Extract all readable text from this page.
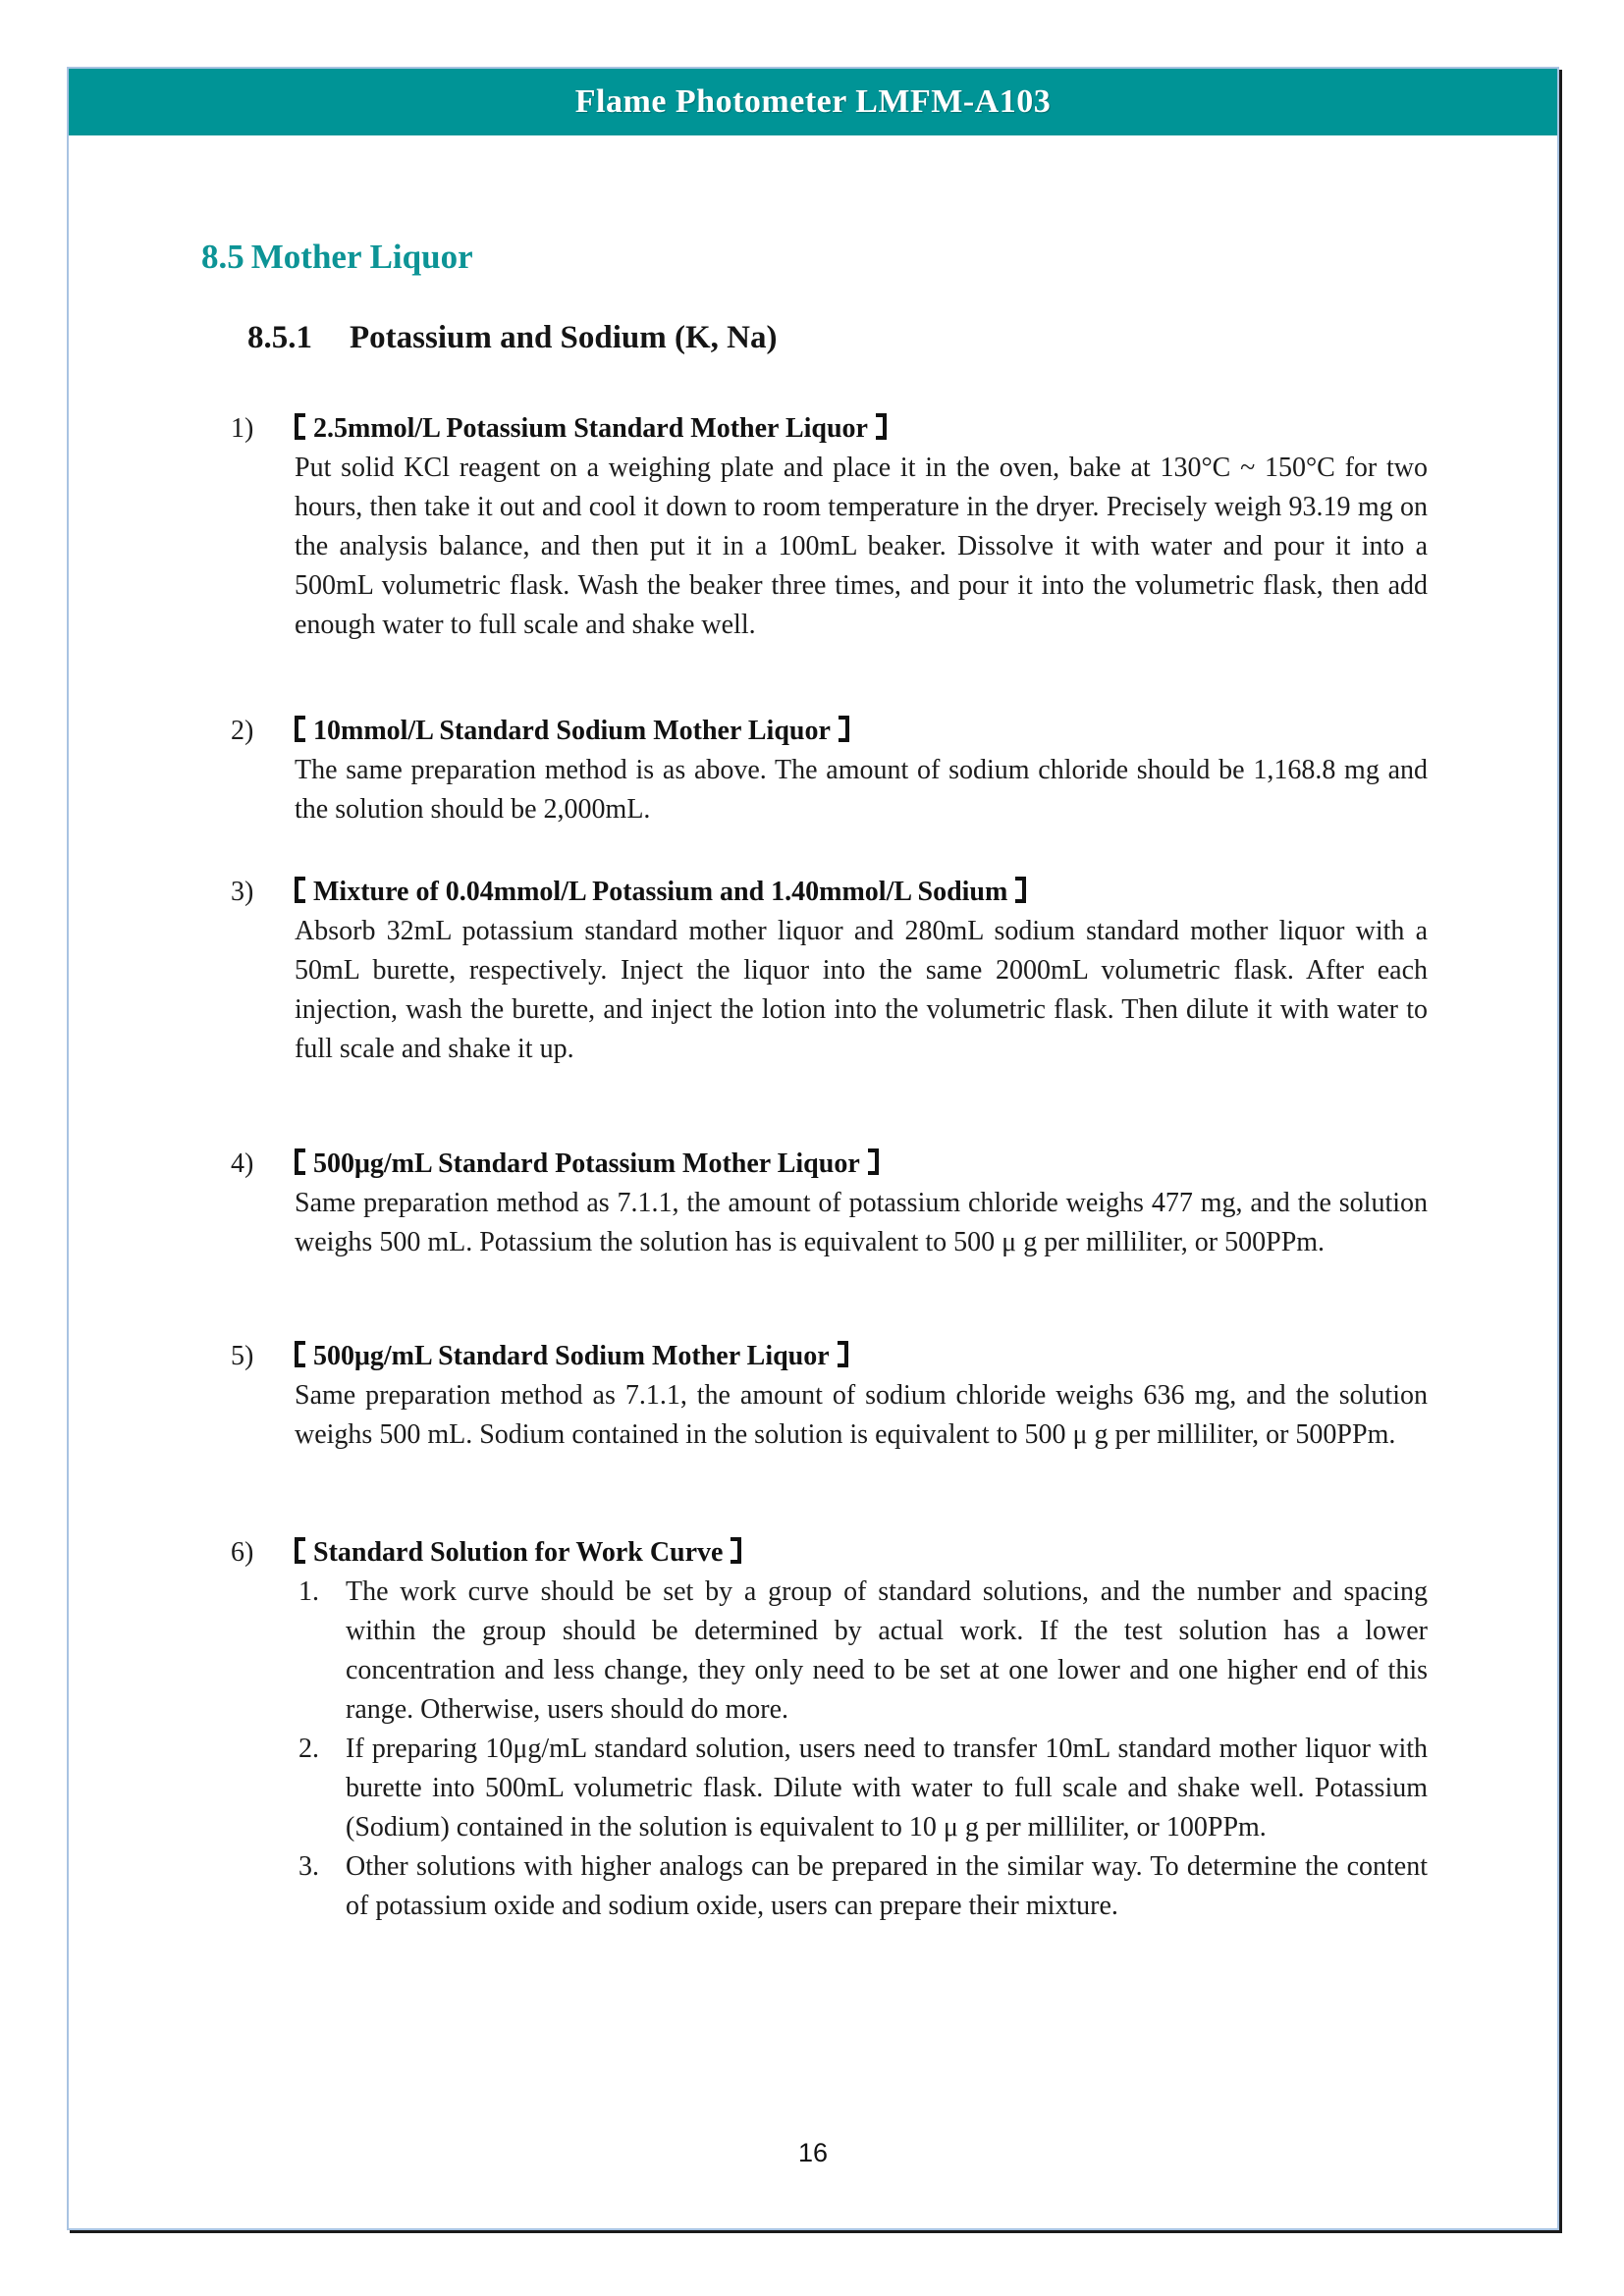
Flame Photometer LMFM-A103
8.5 Mother Liquor
8.5.1 Potassium and Sodium (K, Na)
1)	2.5mmol/L Potassium Standard Mother Liquor

Put solid KCl reagent on a weighing plate and place it in the oven, bake at 130°C ~ 150°C for two hours, then take it out and cool it down to room temperature in the dryer. Precisely weigh 93.19 mg on the analysis balance, and then put it in a 100mL beaker. Dissolve it with water and pour it into a 500mL volumetric flask. Wash the beaker three times, and pour it into the volumetric flask, then add enough water to full scale and shake well.

2)	10mmol/L Standard Sodium Mother Liquor

The same preparation method is as above. The amount of sodium chloride should be 1,168.8 mg and the solution should be 2,000mL.

3)	Mixture of 0.04mmol/L Potassium and 1.40mmol/L Sodium

Absorb 32mL potassium standard mother liquor and 280mL sodium standard mother liquor with a 50mL burette, respectively. Inject the liquor into the same 2000mL volumetric flask. After each injection, wash the burette, and inject the lotion into the volumetric flask. Then dilute it with water to full scale and shake it up.

4)	500μg/mL Standard Potassium Mother Liquor

Same preparation method as 7.1.1, the amount of potassium chloride weighs 477 mg, and the solution weighs 500 mL. Potassium the solution has is equivalent to 500 μ g per milliliter, or 500PPm.

5)	500μg/mL Standard Sodium Mother Liquor

Same preparation method as 7.1.1, the amount of sodium chloride weighs 636 mg, and the solution weighs 500 mL. Sodium contained in the solution is equivalent to 500 μ g per milliliter, or 500PPm.

6)	Standard Solution for Work Curve
1. The work curve should be set by a group of standard solutions, and the number and spacing within the group should be determined by actual work. If the test solution has a lower concentration and less change, they only need to be set at one lower and one higher end of this range. Otherwise, users should do more.

2. If preparing 10μg/mL standard solution, users need to transfer 10mL standard mother liquor with burette into 500mL volumetric flask. Dilute with water to full scale and shake well. Potassium (Sodium) contained in the solution is equivalent to 10 μ g per milliliter, or 100PPm.

3. Other solutions with higher analogs can be prepared in the similar way. To determine the content of potassium oxide and sodium oxide, users can prepare their mixture.

16
